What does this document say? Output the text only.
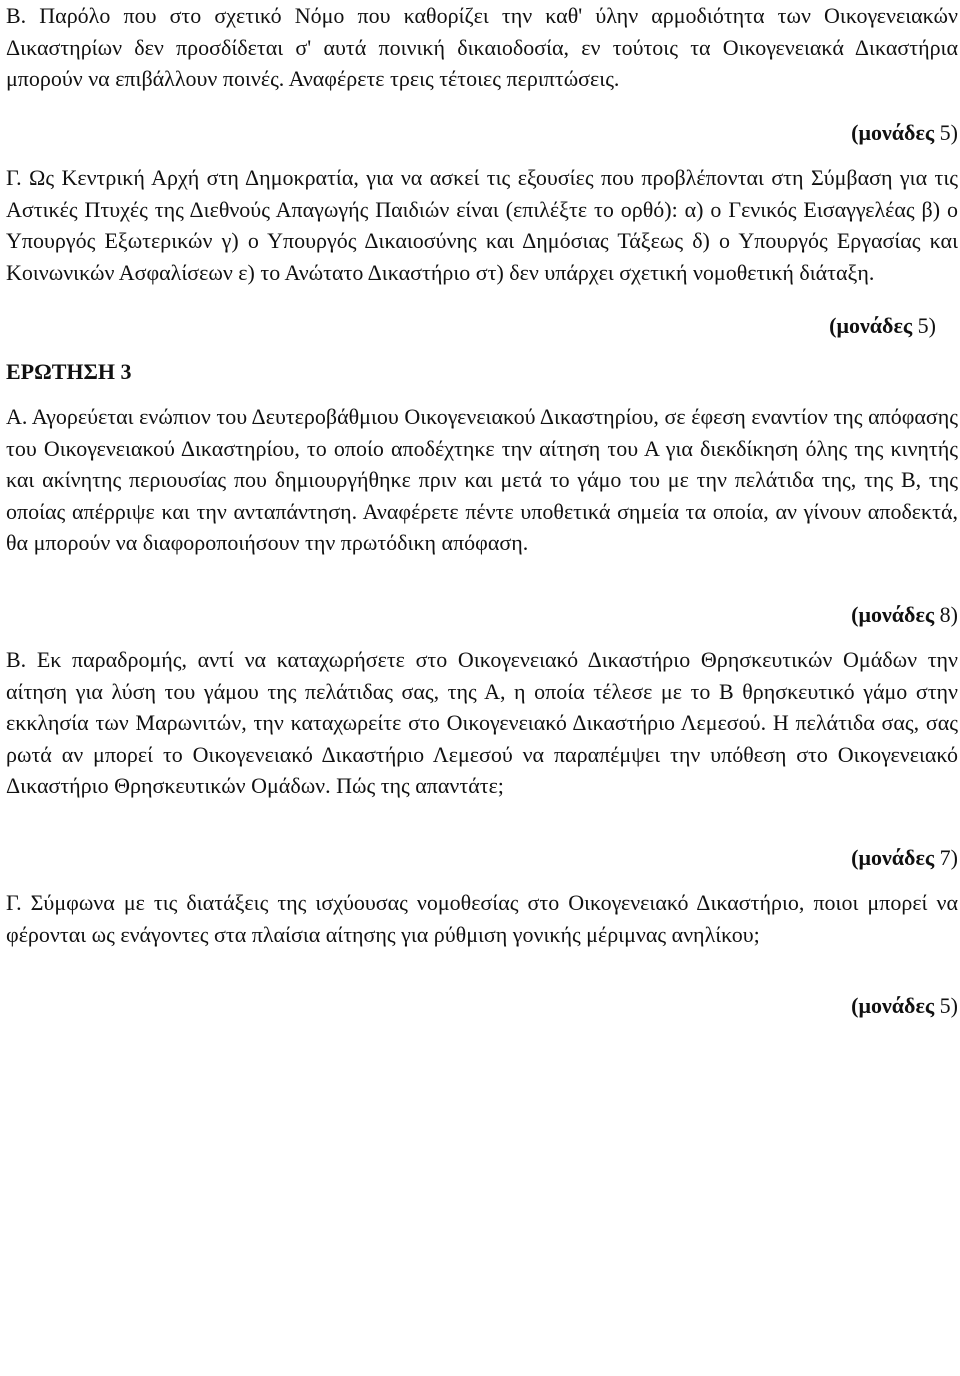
Β. Παρόλο που στο σχετικό Νόμο που καθορίζει την καθ' ύλην αρμοδιότητα των Οικογενειακών Δικαστηρίων δεν προσδίδεται σ' αυτά ποινική δικαιοδοσία, εν τούτοις τα Οικογενειακά Δικαστήρια μπορούν να επιβάλλουν ποινές. Αναφέρετε τρεις τέτοιες περιπτώσεις.

(μονάδες 5)

Γ. Ως Κεντρική Αρχή στη Δημοκρατία, για να ασκεί τις εξουσίες που προβλέπονται στη Σύμβαση για τις Αστικές Πτυχές της Διεθνούς Απαγωγής Παιδιών είναι (επιλέξτε το ορθό): α) ο Γενικός Εισαγγελέας β) ο Υπουργός Εξωτερικών γ) ο Υπουργός Δικαιοσύνης και Δημόσιας Τάξεως δ) ο Υπουργός Εργασίας και Κοινωνικών Ασφαλίσεων ε) το Ανώτατο Δικαστήριο στ) δεν υπάρχει σχετική νομοθετική διάταξη.

(μονάδες 5)

ΕΡΩΤΗΣΗ 3

Α. Αγορεύεται ενώπιον του Δευτεροβάθμιου Οικογενειακού Δικαστηρίου, σε έφεση εναντίον της απόφασης του Οικογενειακού Δικαστηρίου, το οποίο αποδέχτηκε την αίτηση του Α για διεκδίκηση όλης της κινητής και ακίνητης περιουσίας που δημιουργήθηκε πριν και μετά το γάμο του με την πελάτιδα της, της Β, της οποίας απέρριψε και την ανταπάντηση. Αναφέρετε πέντε υποθετικά σημεία τα οποία, αν γίνουν αποδεκτά, θα μπορούν να διαφοροποιήσουν την πρωτόδικη απόφαση.

(μονάδες 8)

Β. Εκ παραδρομής, αντί να καταχωρήσετε στο Οικογενειακό Δικαστήριο Θρησκευτικών Ομάδων την αίτηση για λύση του γάμου της πελάτιδας σας, της Α, η οποία τέλεσε με το Β θρησκευτικό γάμο στην εκκλησία των Μαρωνιτών, την καταχωρείτε στο Οικογενειακό Δικαστήριο Λεμεσού. Η πελάτιδα σας, σας ρωτά αν μπορεί το Οικογενειακό Δικαστήριο Λεμεσού να παραπέμψει την υπόθεση στο Οικογενειακό Δικαστήριο Θρησκευτικών Ομάδων. Πώς της απαντάτε;

(μονάδες 7)

Γ. Σύμφωνα με τις διατάξεις της ισχύουσας νομοθεσίας στο Οικογενειακό Δικαστήριο, ποιοι μπορεί να φέρονται ως ενάγοντες στα πλαίσια αίτησης για ρύθμιση γονικής μέριμνας ανηλίκου;

(μονάδες 5)
